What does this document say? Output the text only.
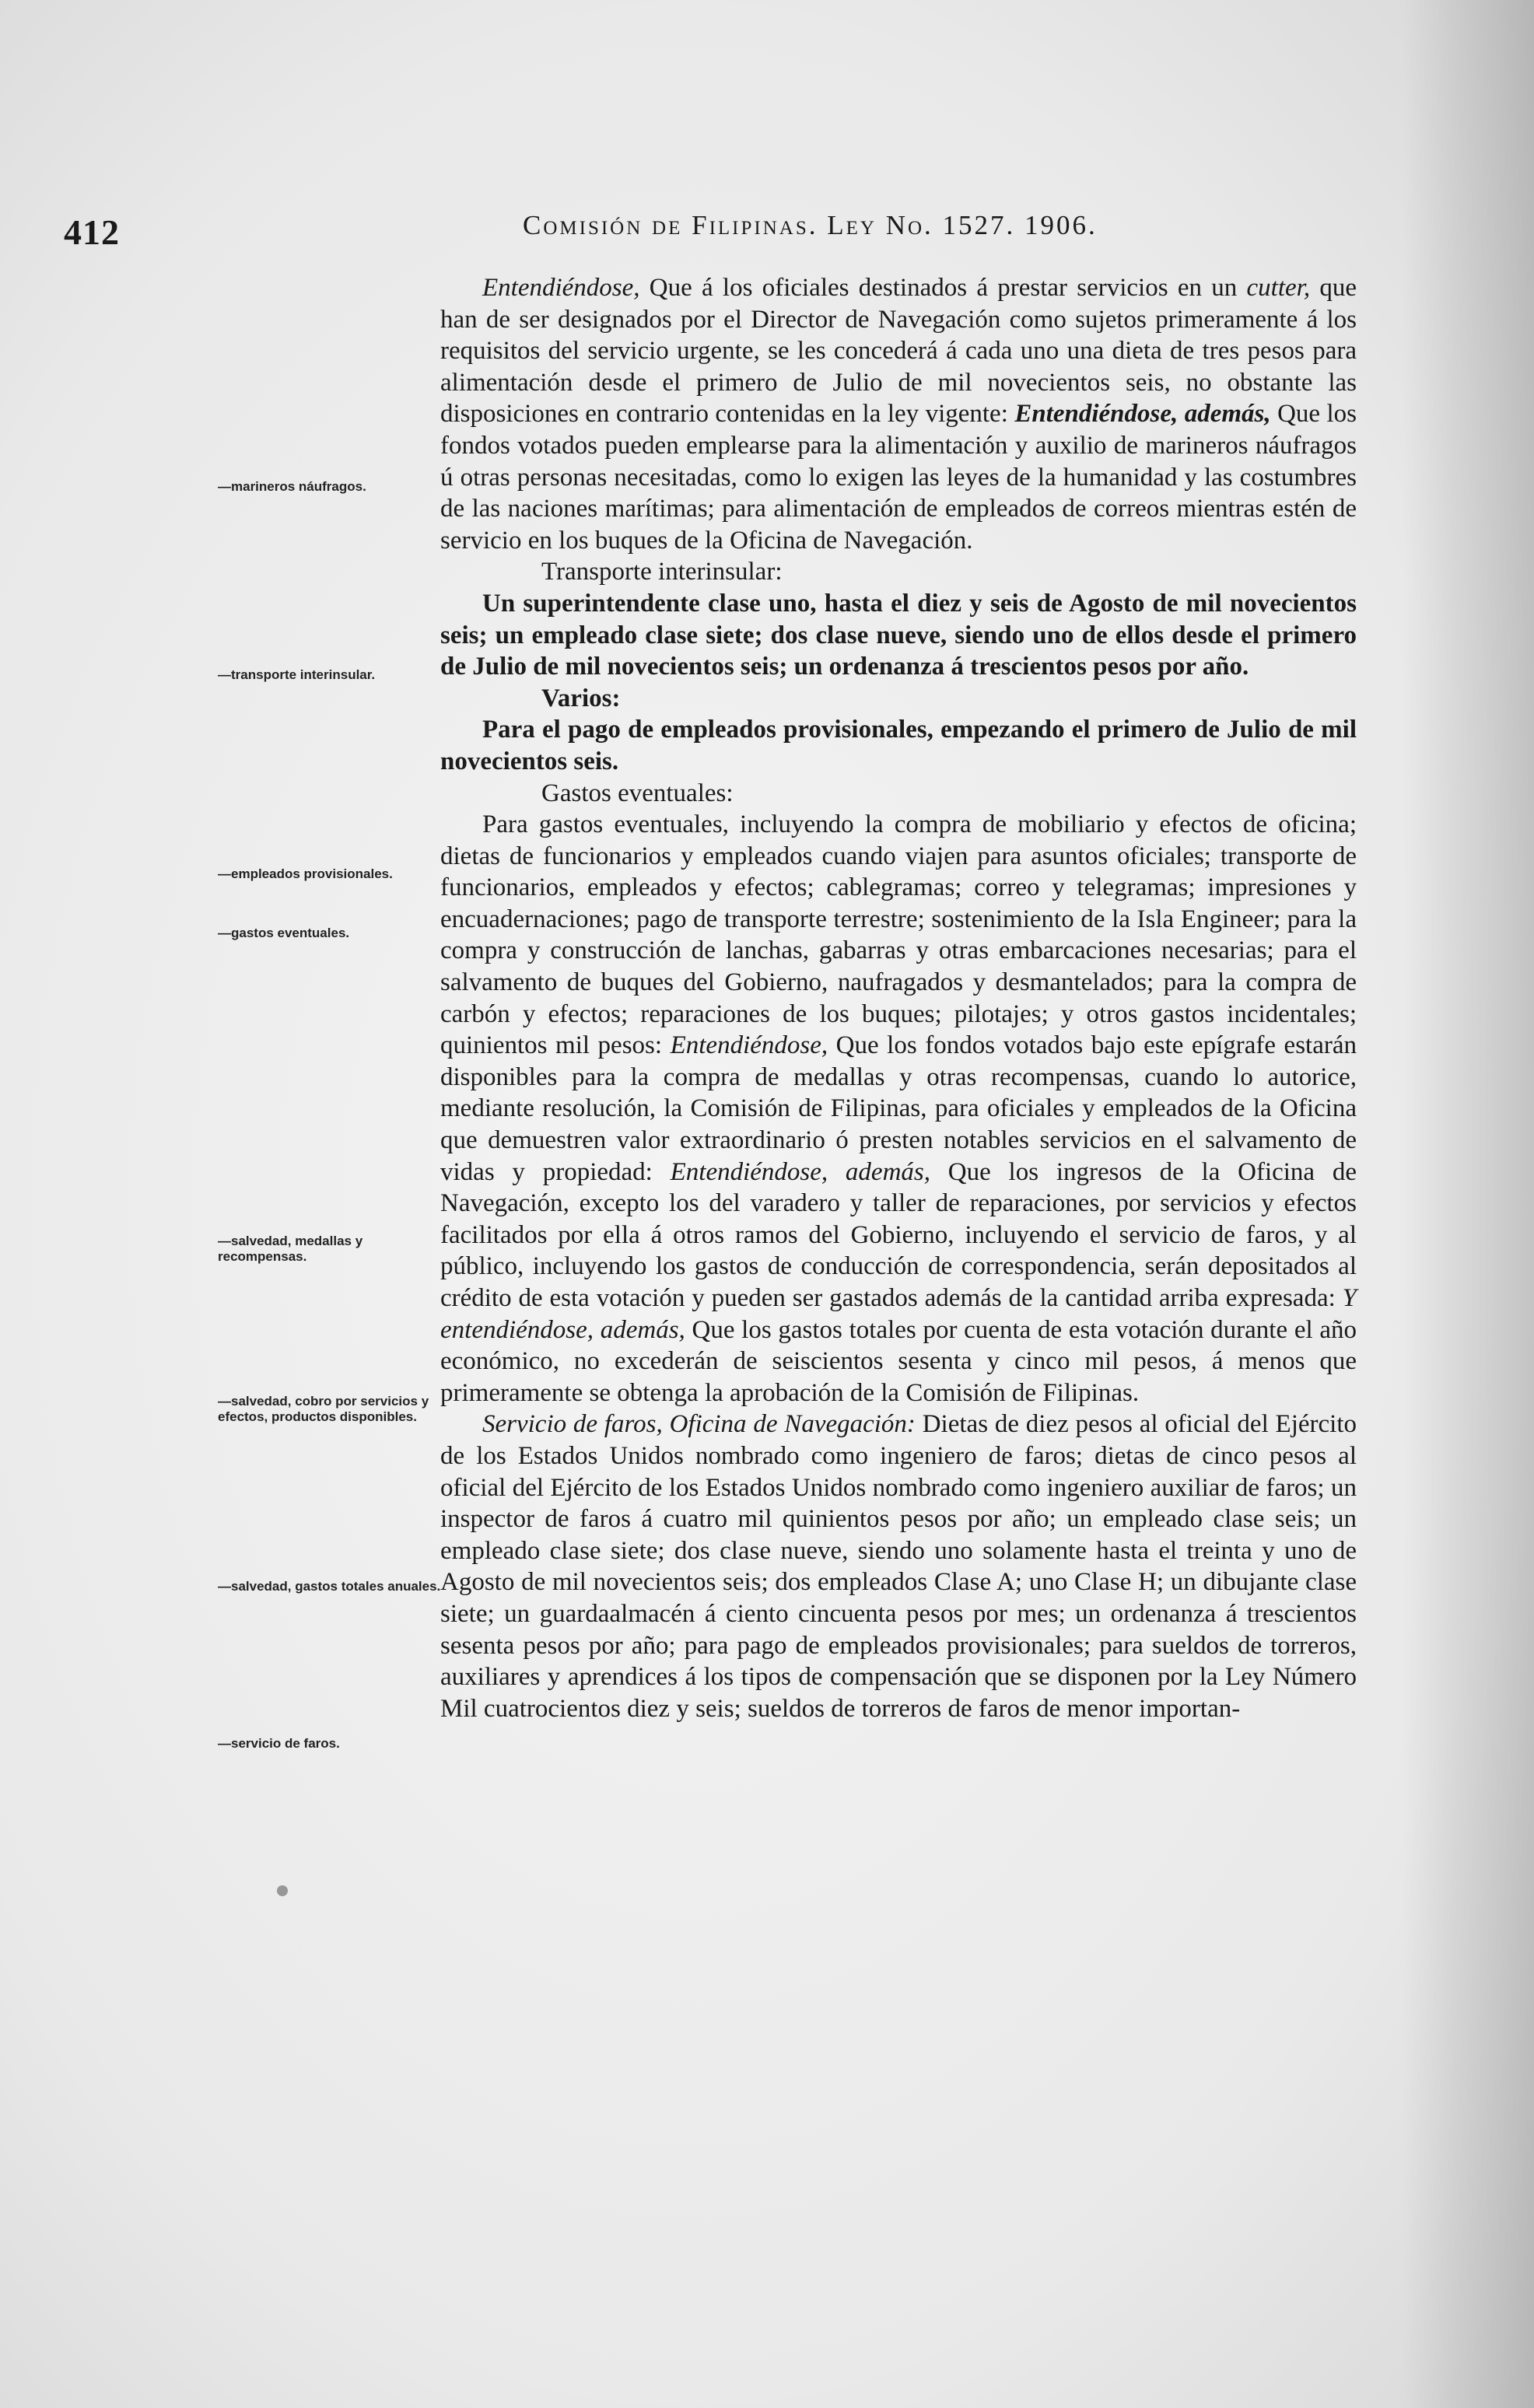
412	Comisión de Filipinas. Ley No. 1527. 1906.
—marineros náufragos.
—transporte interinsular.
—empleados provisionales.
—gastos eventuales.
—salvedad, medallas y recompensas.
—salvedad, cobro por servicios y efectos, productos disponibles.
—salvedad, gastos totales anuales.
—servicio de faros.

Entendiéndose, Que á los oficiales destinados á prestar servicios en un cutter, que han de ser designados por el Director de Navegación como sujetos primeramente á los requisitos del servicio urgente, se les concederá á cada uno una dieta de tres pesos para alimentación desde el primero de Julio de mil novecientos seis, no obstante las disposiciones en contrario contenidas en la ley vigente: Entendiéndose, además, Que los fondos votados pueden emplearse para la alimentación y auxilio de marineros náufragos ú otras personas necesitadas, como lo exigen las leyes de la humanidad y las costumbres de las naciones marítimas; para alimentación de empleados de correos mientras estén de servicio en los buques de la Oficina de Navegación.

Transporte interinsular:

Un superintendente clase uno, hasta el diez y seis de Agosto de mil novecientos seis; un empleado clase siete; dos clase nueve, siendo uno de ellos desde el primero de Julio de mil novecientos seis; un ordenanza á trescientos pesos por año.

Varios:

Para el pago de empleados provisionales, empezando el primero de Julio de mil novecientos seis.

Gastos eventuales:

Para gastos eventuales, incluyendo la compra de mobiliario y efectos de oficina; dietas de funcionarios y empleados cuando viajen para asuntos oficiales; transporte de funcionarios, empleados y efectos; cablegramas; correo y telegramas; impresiones y encuadernaciones; pago de transporte terrestre; sostenimiento de la Isla Engineer; para la compra y construcción de lanchas, gabarras y otras embarcaciones necesarias; para el salvamento de buques del Gobierno, naufragados y desmantelados; para la compra de carbón y efectos; reparaciones de los buques; pilotajes; y otros gastos incidentales; quinientos mil pesos: Entendiéndose, Que los fondos votados bajo este epígrafe estarán disponibles para la compra de medallas y otras recompensas, cuando lo autorice, mediante resolución, la Comisión de Filipinas, para oficiales y empleados de la Oficina que demuestren valor extraordinario ó presten notables servicios en el salvamento de vidas y propiedad: Entendiéndose, además, Que los ingresos de la Oficina de Navegación, excepto los del varadero y taller de reparaciones, por servicios y efectos facilitados por ella á otros ramos del Gobierno, incluyendo el servicio de faros, y al público, incluyendo los gastos de conducción de correspondencia, serán depositados al crédito de esta votación y pueden ser gastados además de la cantidad arriba expresada: Y entendiéndose, además, Que los gastos totales por cuenta de esta votación durante el año económico, no excederán de seiscientos sesenta y cinco mil pesos, á menos que primeramente se obtenga la aprobación de la Comisión de Filipinas.

Servicio de faros, Oficina de Navegación: Dietas de diez pesos al oficial del Ejército de los Estados Unidos nombrado como ingeniero de faros; dietas de cinco pesos al oficial del Ejército de los Estados Unidos nombrado como ingeniero auxiliar de faros; un inspector de faros á cuatro mil quinientos pesos por año; un empleado clase seis; un empleado clase siete; dos clase nueve, siendo uno solamente hasta el treinta y uno de Agosto de mil novecientos seis; dos empleados Clase A; uno Clase H; un dibujante clase siete; un guardaalmacén á ciento cincuenta pesos por mes; un ordenanza á trescientos sesenta pesos por año; para pago de empleados provisionales; para sueldos de torreros, auxiliares y aprendices á los tipos de compensación que se disponen por la Ley Número Mil cuatrocientos diez y seis; sueldos de torreros de faros de menor importan-
